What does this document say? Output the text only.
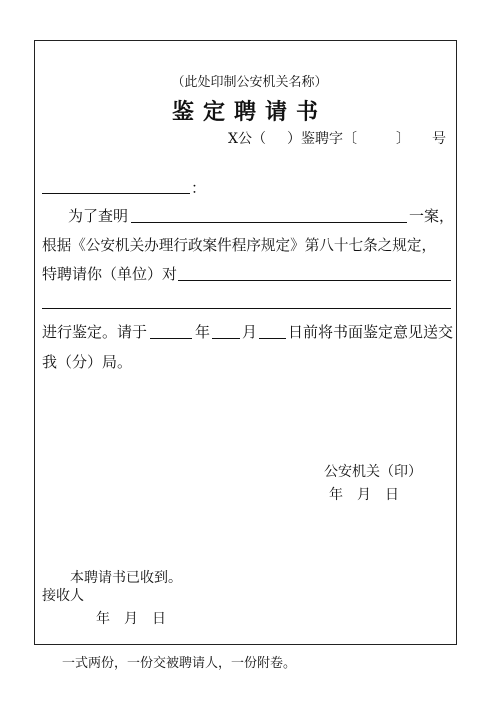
（此处印制公安机关名称）
鉴定聘请书
X公（ ）鉴聘字〔	〕 号
：
为了查明	一案，
根据《公安机关办理行政案件程序规定》第八十七条之规定，
特聘请你（单位）对
进行鉴定。请于	年 月 日前将书面鉴定意见送交
我（分）局。
公安机关（印）
年　月　日
本聘请书已收到。
接收人
年　月　日
一式两份，一份交被聘请人，一份附卷。
